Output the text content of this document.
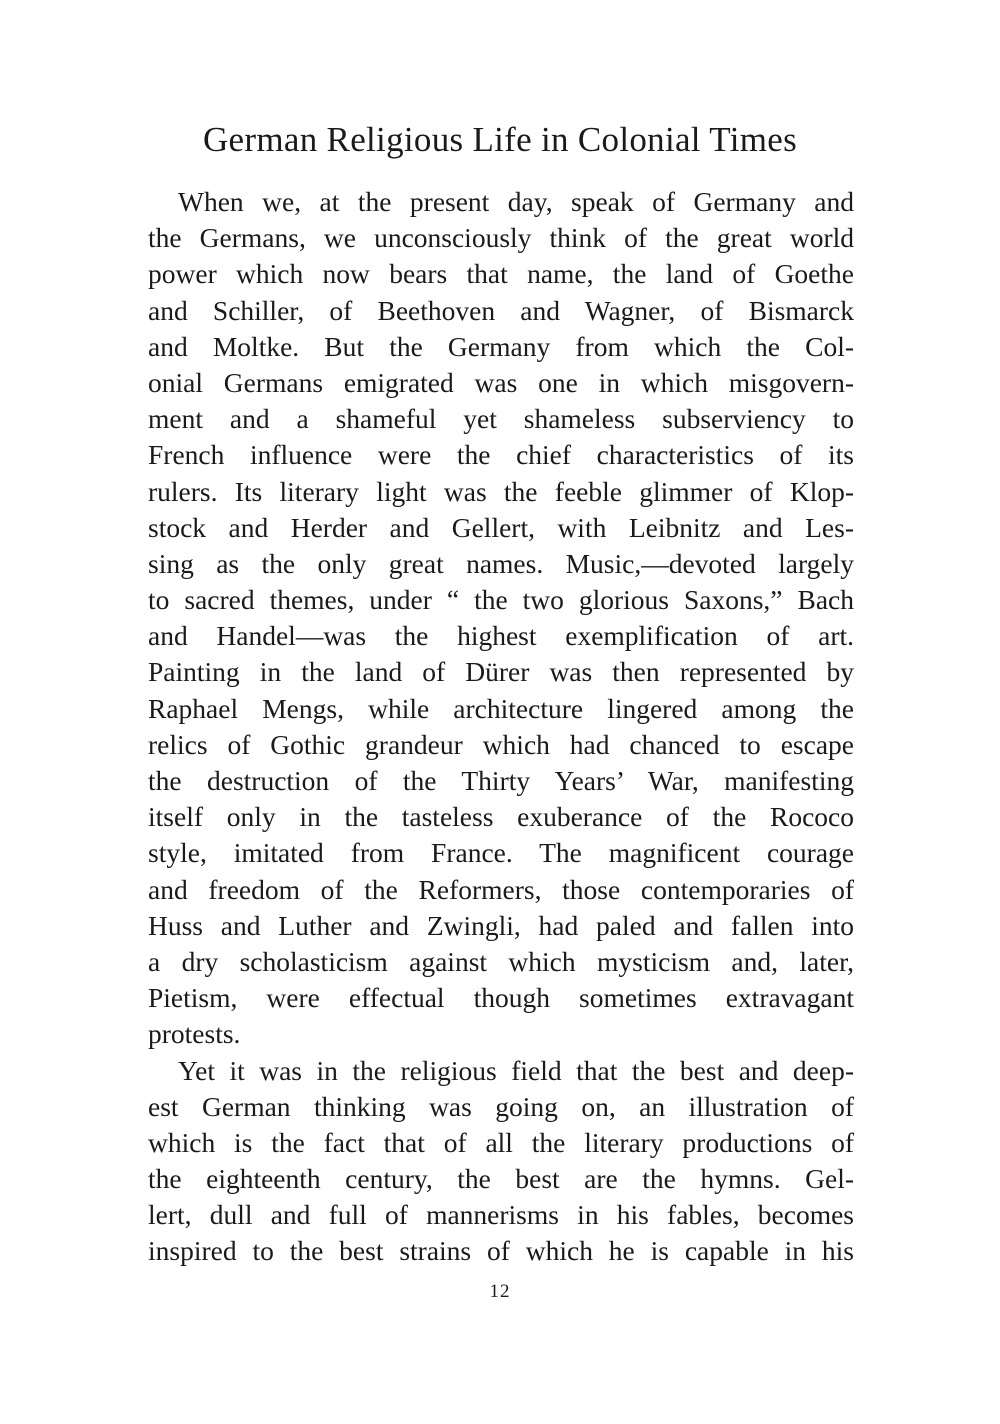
German Religious Life in Colonial Times
When we, at the present day, speak of Germany and
the Germans, we unconsciously think of the great world
power which now bears that name, the land of Goethe
and Schiller, of Beethoven and Wagner, of Bismarck
and Moltke. But the Germany from which the Col-
onial Germans emigrated was one in which misgovern-
ment and a shameful yet shameless subserviency to
French influence were the chief characteristics of its
rulers. Its literary light was the feeble glimmer of Klop-
stock and Herder and Gellert, with Leibnitz and Les-
sing as the only great names. Music,—devoted largely
to sacred themes, under “ the two glorious Saxons,” Bach
and Handel—was the highest exemplification of art.
Painting in the land of Dürer was then represented by
Raphael Mengs, while architecture lingered among the
relics of Gothic grandeur which had chanced to escape
the destruction of the Thirty Years’ War, manifesting
itself only in the tasteless exuberance of the Rococo
style, imitated from France. The magnificent courage
and freedom of the Reformers, those contemporaries of
Huss and Luther and Zwingli, had paled and fallen into
a dry scholasticism against which mysticism and, later,
Pietism, were effectual though sometimes extravagant
protests.
Yet it was in the religious field that the best and deep-
est German thinking was going on, an illustration of
which is the fact that of all the literary productions of
the eighteenth century, the best are the hymns. Gel-
lert, dull and full of mannerisms in his fables, becomes
inspired to the best strains of which he is capable in his
12
